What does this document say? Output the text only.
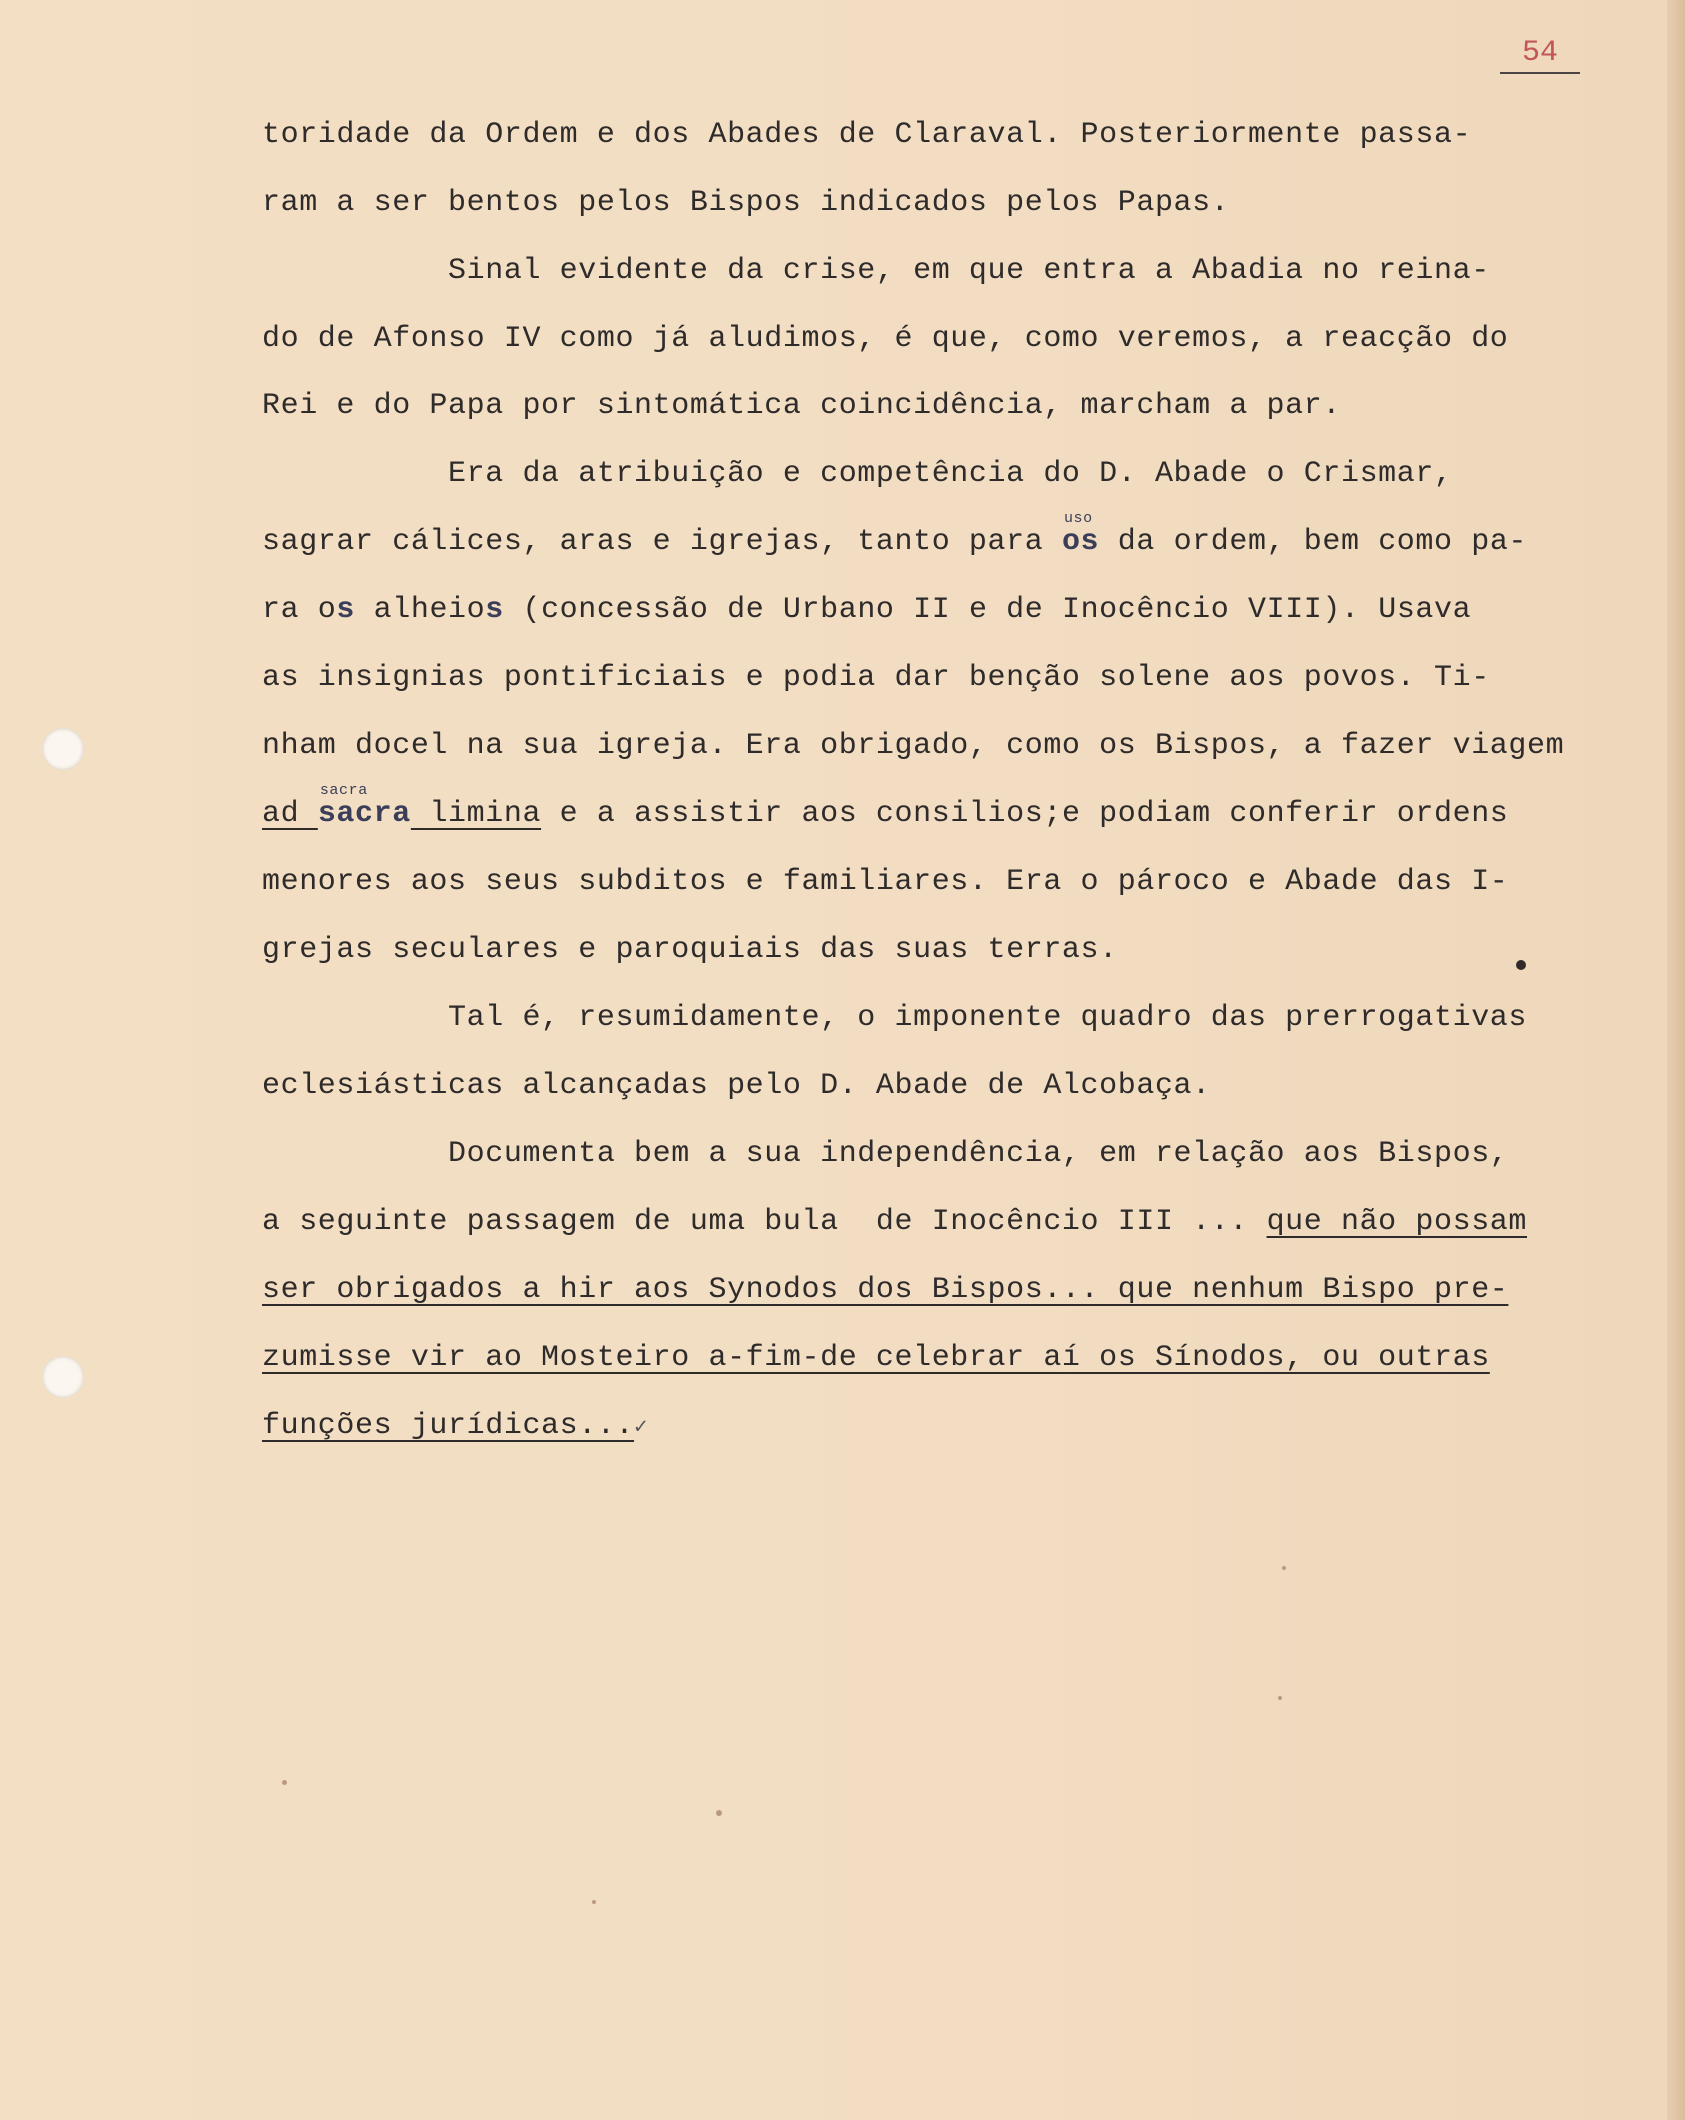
54
toridade da Ordem e dos Abades de Claraval. Posteriormente passa-
ram a ser bentos pelos Bispos indicados pelos Papas.
Sinal evidente da crise, em que entra a Abadia no reina-
do de Afonso IV como já aludimos, é que, como veremos, a reacção do
Rei e do Papa por sintomática coincidência, marcham a par.
Era da atribuição e competência do D. Abade o Crismar,
sagrar cálices, aras e igrejas, tanto para os
uso
da ordem, bem como pa-
ra os alheios (concessão de Urbano II e de Inocêncio VIII). Usava
as insignias pontificiais e podia dar benção solene aos povos. Ti-
nham docel na sua igreja. Era obrigado, como os Bispos, a fazer viagem
ad sacra
sacra
limina e a assistir aos consilios;e podiam conferir ordens
menores aos seus subditos e familiares. Era o pároco e Abade das I-
grejas seculares e paroquiais das suas terras.
Tal é, resumidamente, o imponente quadro das prerrogativas
eclesiásticas alcançadas pelo D. Abade de Alcobaça.
Documenta bem a sua independência, em relação aos Bispos,
a seguinte passagem de uma bula  de Inocêncio III ... que não possam
ser obrigados a hir aos Synodos dos Bispos... que nenhum Bispo pre-
zumisse vir ao Mosteiro a-fim-de celebrar aí os Sínodos, ou outras
funções jurídicas...✓
